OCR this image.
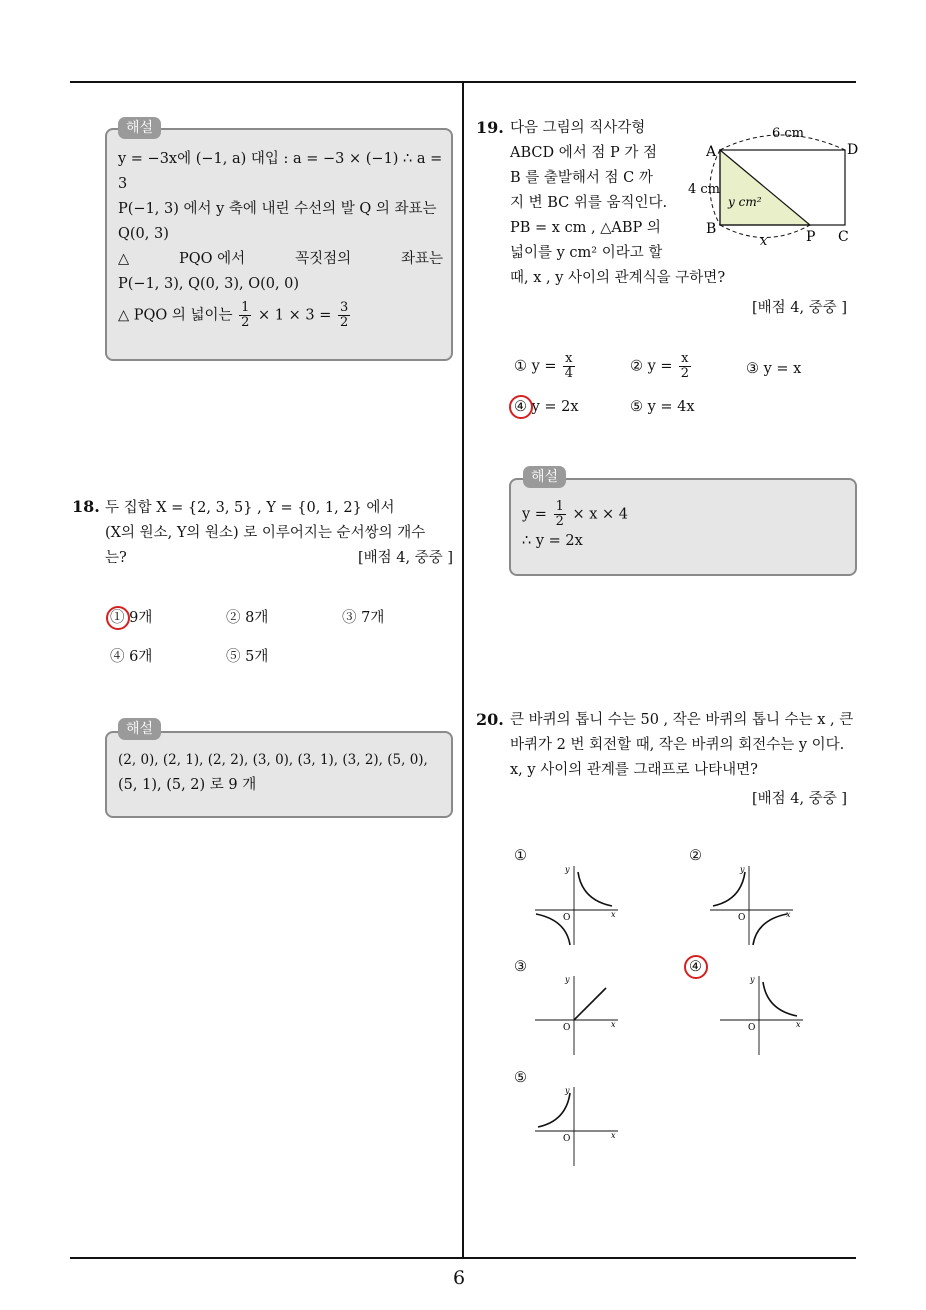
6
해설
y = −3x에 (−1, a) 대입 : a = −3 × (−1) ∴ a =
3
P(−1, 3) 에서 y 축에 내린 수선의 발 Q 의 좌표는
Q(0, 3)
△	PQO 에서	꼭짓점의	좌표는
P(−1, 3), Q(0, 3), O(0, 0)
△ PQO 의 넓이는 $\frac{1}{2} \times 1 \times 3 = \frac{3}{2}$
18. 두 집합 X = {2, 3, 5} , Y = {0, 1, 2} 에서
(X의 원소, Y의 원소) 로 이루어지는 순서쌍의 개수
는?	[배점 4, 중중 ]
① 9개	② 8개	③ 7개
④ 6개	⑤ 5개
해설
(2, 0), (2, 1), (2, 2), (3, 0), (3, 1), (3, 2), (5, 0),
(5, 1), (5, 2) 로 9 개
19. 다음 그림의 직사각형
ABCD 에서 점 P 가 점
B 를 출발해서 점 C 까
지 변 BC 위를 움직인다.
PB = x cm , △ABP 의
넓이를 y cm² 이라고 할
때, x , y 사이의 관계식을 구하면?
[배점 4, 중중 ]
6 cm
4 cm
y cm²
x
A	D
B	P C
① $y = \frac{x}{4}$	② $y = \frac{x}{2}$	③ y = x
④ y = 2x	⑤ y = 4x
해설
$y = \frac{1}{2} \times x \times 4$
∴ y = 2x
20. 큰 바퀴의 톱니 수는 50 , 작은 바퀴의 톱니 수는 x , 큰
바퀴가 2 번 회전할 때, 작은 바퀴의 회전수는 y 이다.
x, y 사이의 관계를 그래프로 나타내면?
[배점 4, 중중 ]
①	②
③	④
⑤
y
x
O
y
x
O
y
x
O
y
x
O
y
x
O
